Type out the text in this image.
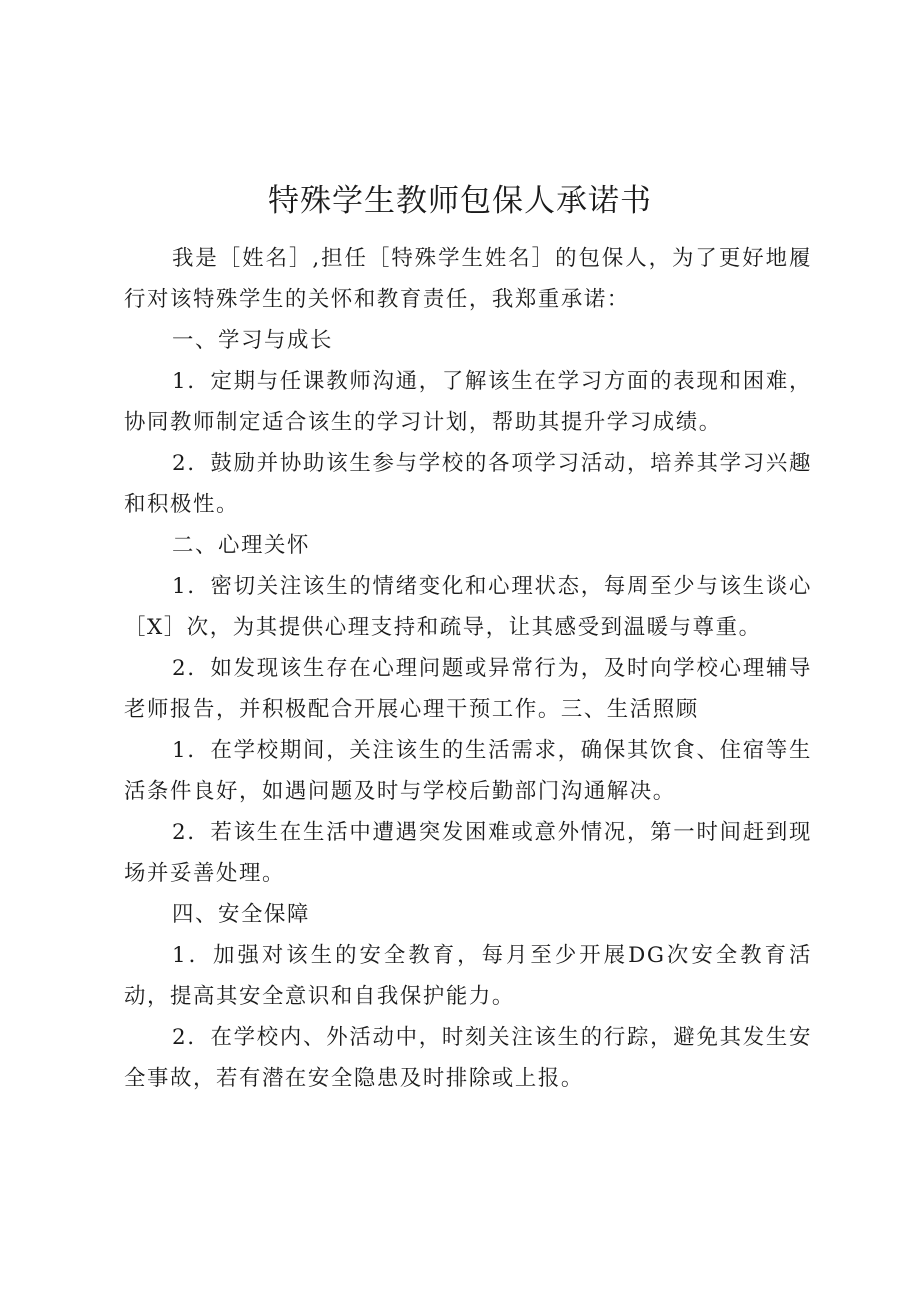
特殊学生教师包保人承诺书

我是［姓名］,担任［特殊学生姓名］的包保人，为了更好地履行对该特殊学生的关怀和教育责任，我郑重承诺：

一、学习与成长

1．定期与任课教师沟通，了解该生在学习方面的表现和困难，协同教师制定适合该生的学习计划，帮助其提升学习成绩。

2．鼓励并协助该生参与学校的各项学习活动，培养其学习兴趣和积极性。

二、心理关怀

1．密切关注该生的情绪变化和心理状态，每周至少与该生谈心［X］次，为其提供心理支持和疏导，让其感受到温暖与尊重。

2．如发现该生存在心理问题或异常行为，及时向学校心理辅导老师报告，并积极配合开展心理干预工作。三、生活照顾

1．在学校期间，关注该生的生活需求，确保其饮食、住宿等生活条件良好，如遇问题及时与学校后勤部门沟通解决。

2．若该生在生活中遭遇突发困难或意外情况，第一时间赶到现场并妥善处理。

四、安全保障

1．加强对该生的安全教育，每月至少开展DG次安全教育活动，提高其安全意识和自我保护能力。

2．在学校内、外活动中，时刻关注该生的行踪，避免其发生安全事故，若有潜在安全隐患及时排除或上报。
